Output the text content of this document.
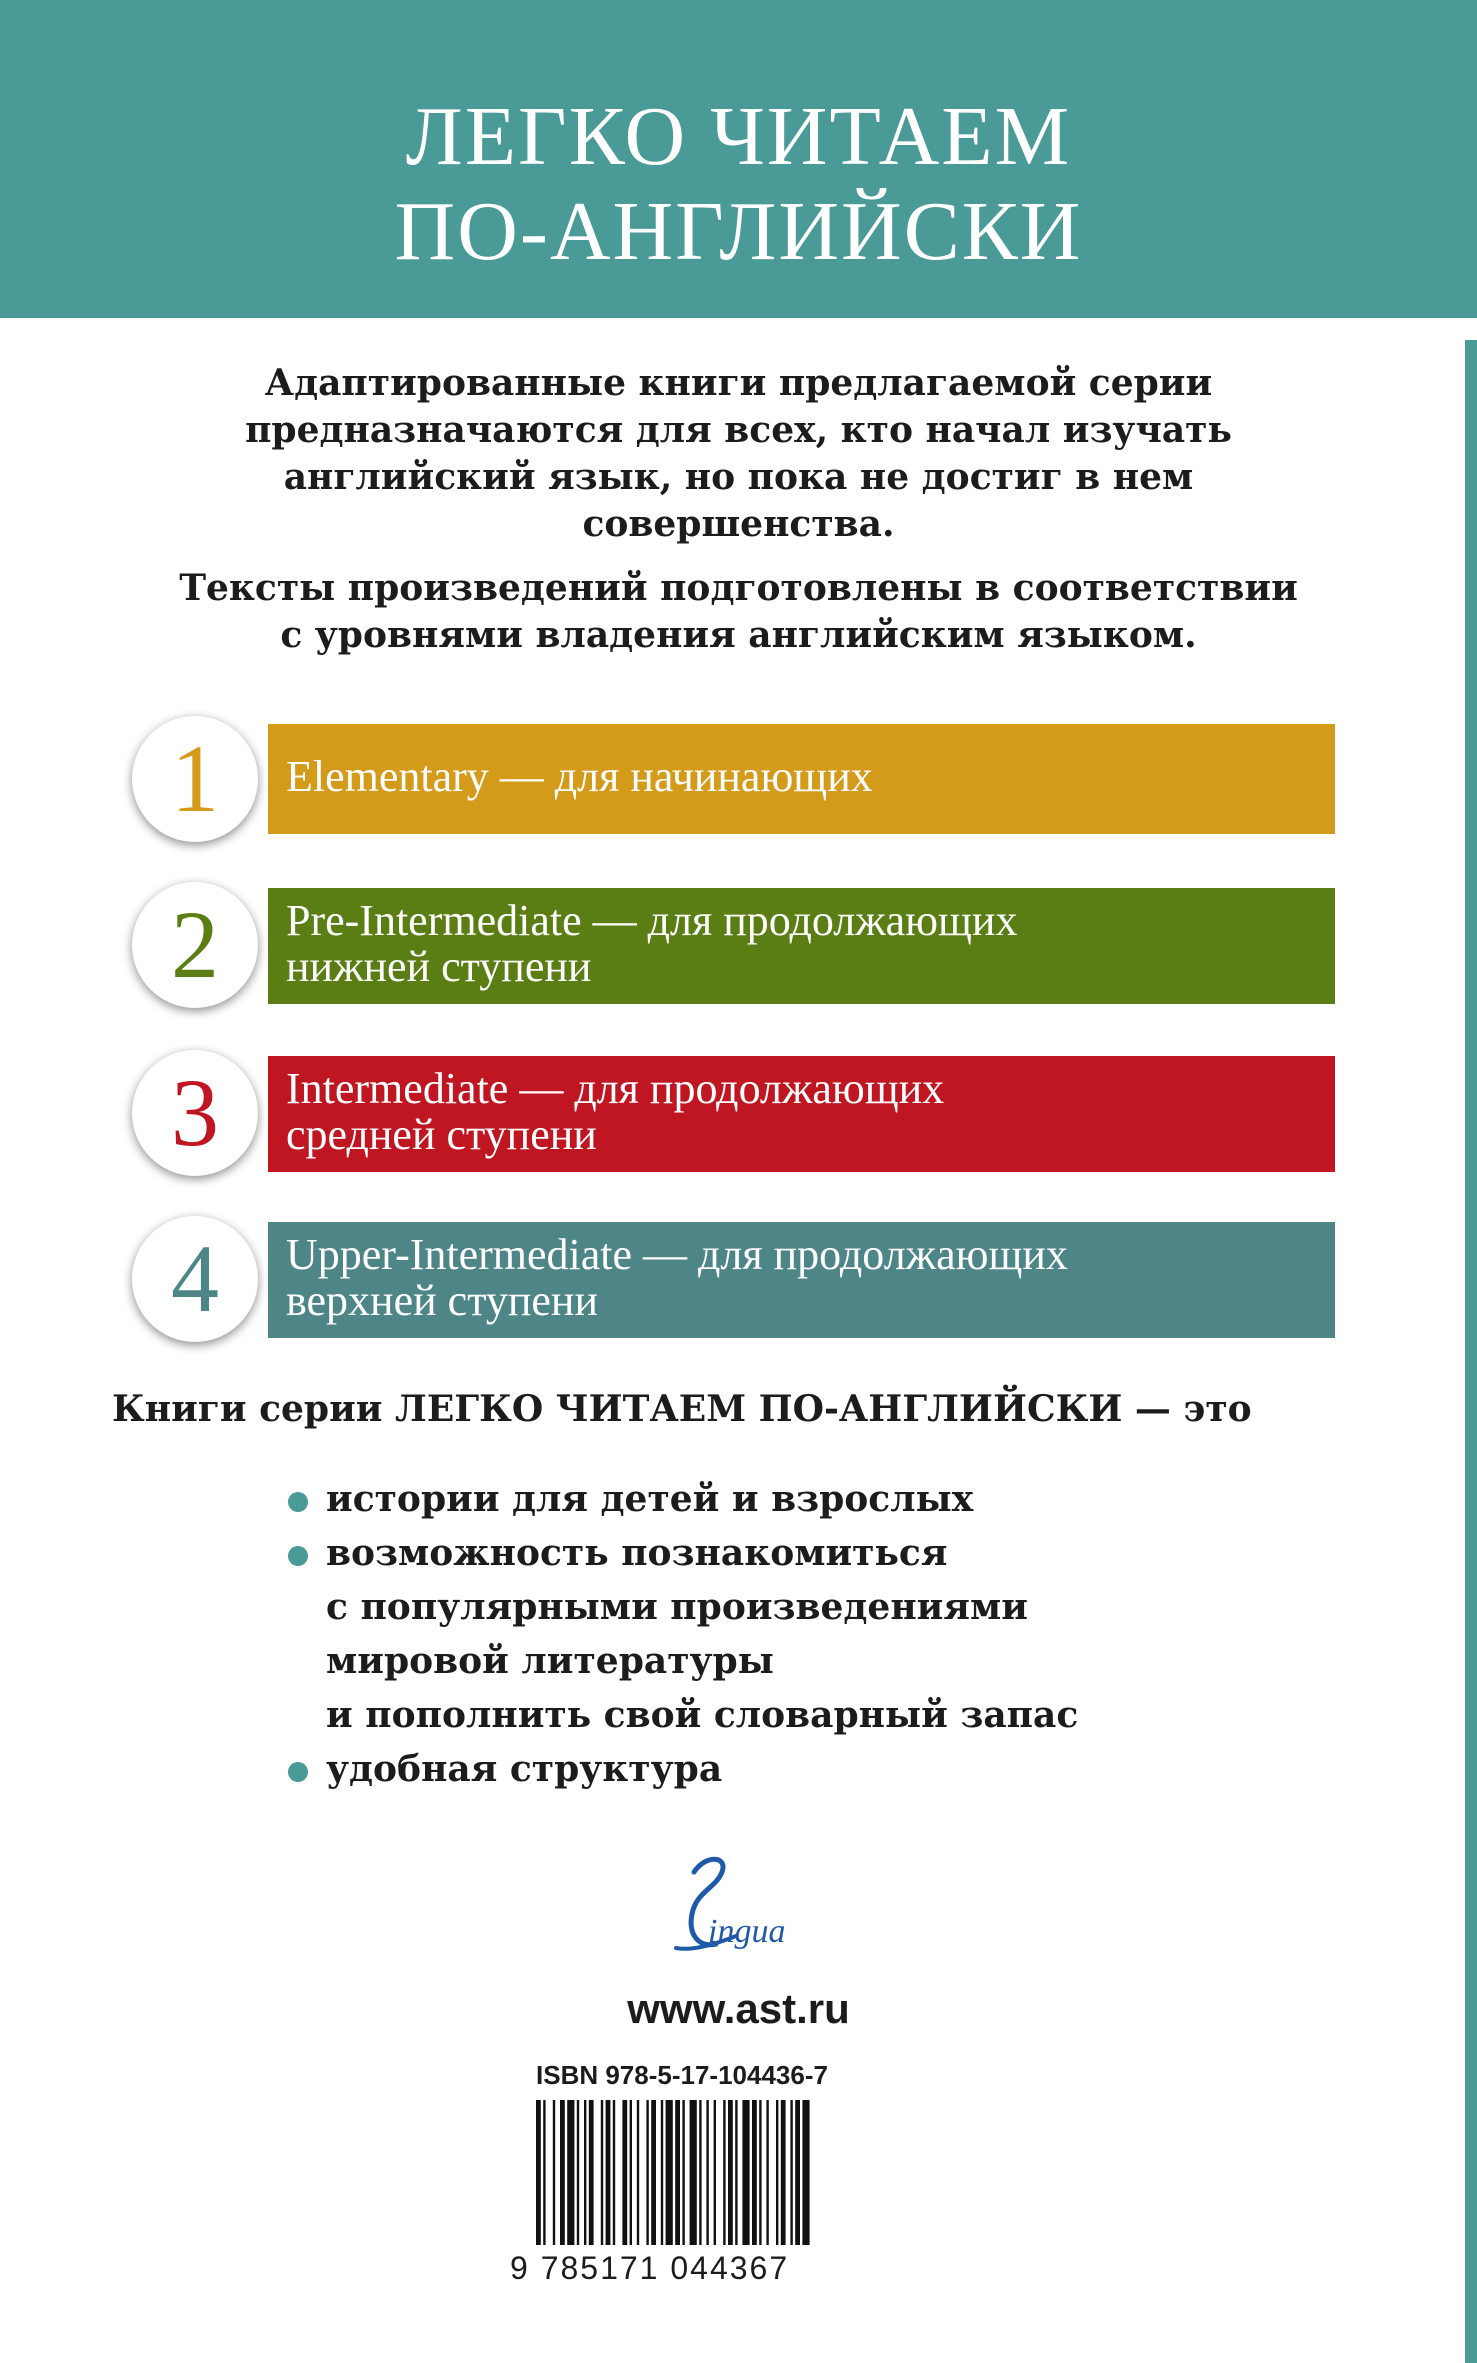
ЛЕГКО ЧИТАЕМ
ПО-АНГЛИЙСКИ

Адаптированные книги предлагаемой серии

предназначаются для всех, кто начал изучать

английский язык, но пока не достиг в нем

совершенства.

Тексты произведений подготовлены в соответствии

с уровнями владения английским языком.

Elementary — для начинающих
1
Pre-Intermediate — для продолжающих
нижней ступени
2
Intermediate — для продолжающих
средней ступени
3
Upper-Intermediate — для продолжающих
верхней ступени
4
Книги серии ЛЕГКО ЧИТАЕМ ПО-АНГЛИЙСКИ — это
истории для детей и взрослых
возможность познакомиться
с популярными произведениями
мировой литературы
и пополнить свой словарный запас
удобная структура
ingua
www.ast.ru
ISBN 978-5-17-104436-7
9 785171 044367
